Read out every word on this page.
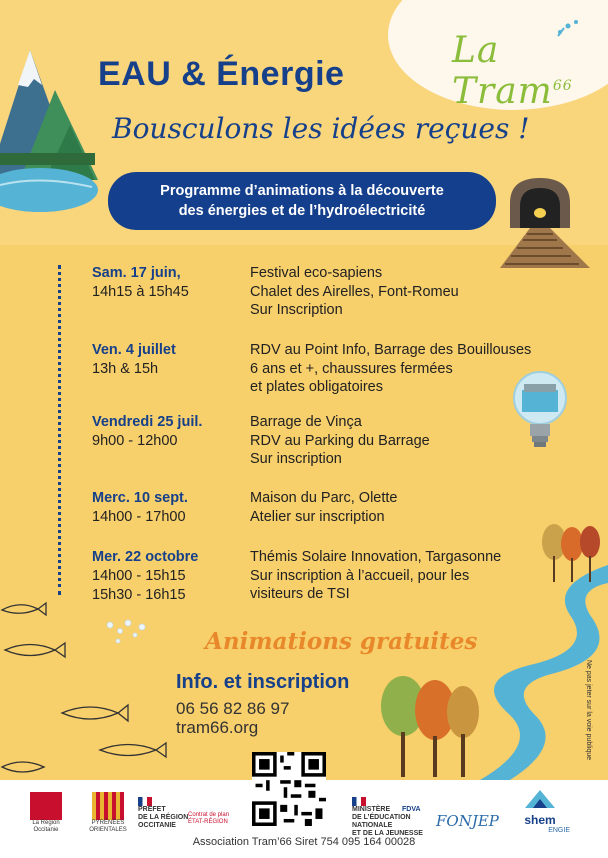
La Tram$^{66}$
EAU & Énergie
Bousculons les idées reçues !
Programme d’animations à la découverte
des énergies et de l’hydroélectricité
Sam. 17 juin,
14h15 à 15h45
Festival eco-sapiens
Chalet des Airelles, Font-Romeu
Sur Inscription
Ven. 4 juillet
13h & 15h
RDV au Point Info, Barrage des Bouillouses
6 ans et +, chaussures fermées
et plates obligatoires
Vendredi 25 juil.
9h00 - 12h00
Barrage de Vinça
RDV au Parking du Barrage
Sur inscription
Merc. 10 sept.
14h00 - 17h00
Maison du Parc, Olette
Atelier sur inscription
Mer. 22 octobre
14h00 - 15h15
15h30 - 16h15
Thémis Solaire Innovation, Targasonne
Sur inscription à l’accueil, pour les
visiteurs de TSI
Animations gratuites
Info. et inscription
06 56 82 86 97
tram66.org	Ne pas jeter sur la voie publique
La Région Occitanie
PYRÉNÉES ORIENTALES
PRÉFET
DE LA RÉGION
OCCITANIE
Contrat de plan ÉTAT-RÉGION
MINISTÈRE
DE L’ÉDUCATION
NATIONALE
ET DE LA JEUNESSE
FDVA
FONJEP	shem
ENGIE
Association Tram’66 Siret 754 095 164 00028
